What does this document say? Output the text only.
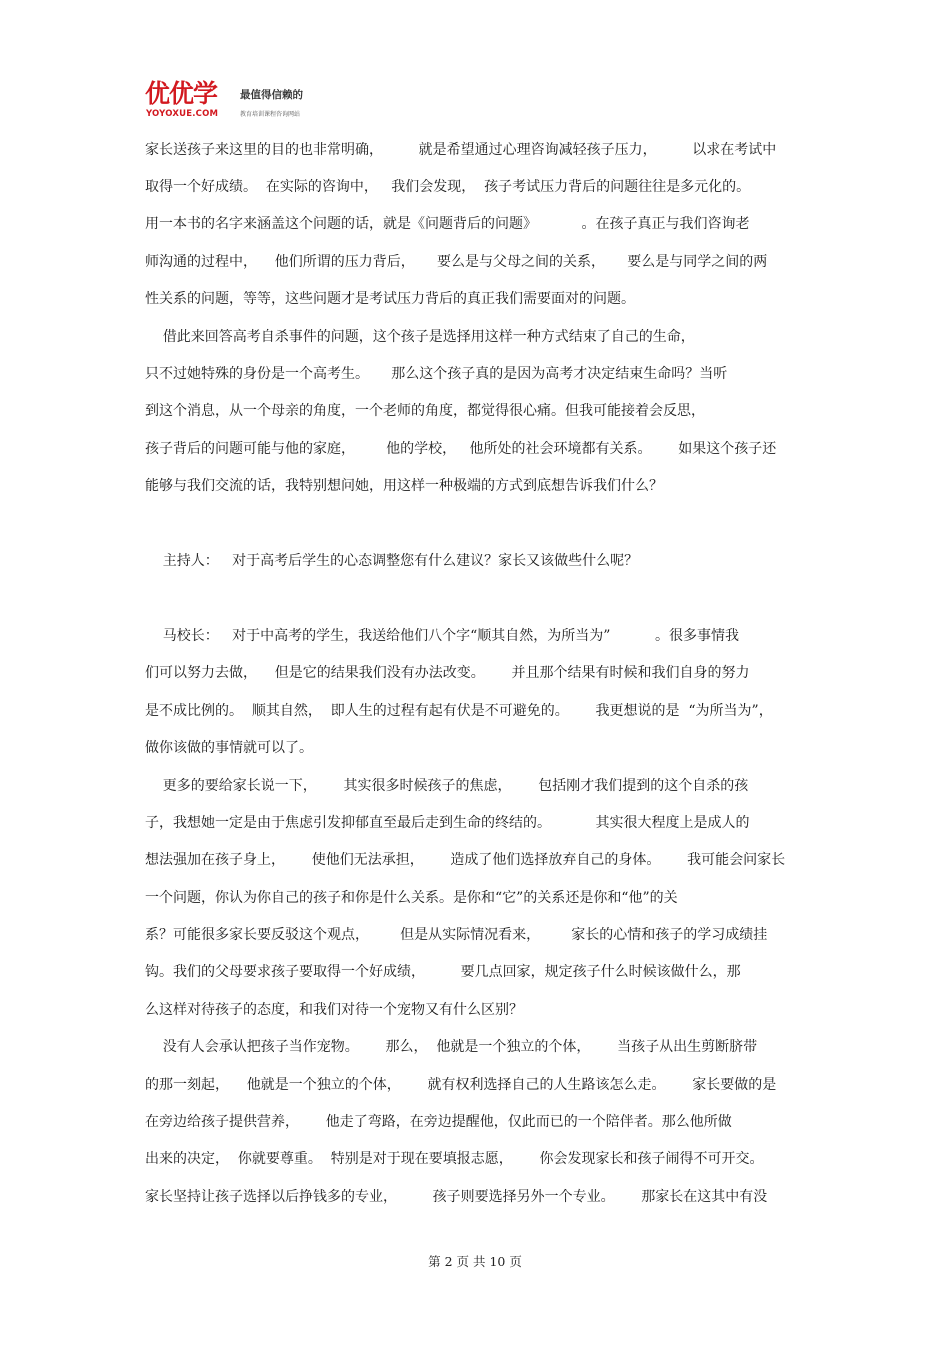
优优学
YOYOXUE.COM
最值得信赖的
教育培训课程咨询网站
家长送孩子来这里的目的也非常明确，        就是希望通过心理咨询减轻孩子压力，        以求在考试中
取得一个好成绩。  在实际的咨询中，   我们会发现，  孩子考试压力背后的问题往往是多元化的。
用一本书的名字来涵盖这个问题的话，就是《问题背后的问题》          。在孩子真正与我们咨询老
师沟通的过程中，    他们所谓的压力背后，     要么是与父母之间的关系，     要么是与同学之间的两
性关系的问题，等等，这些问题才是考试压力背后的真正我们需要面对的问题。
借此来回答高考自杀事件的问题，这个孩子是选择用这样一种方式结束了自己的生命，
只不过她特殊的身份是一个高考生。     那么这个孩子真的是因为高考才决定结束生命吗？当听
到这个消息，从一个母亲的角度，一个老师的角度，都觉得很心痛。但我可能接着会反思，
孩子背后的问题可能与他的家庭，       他的学校，   他所处的社会环境都有关系。      如果这个孩子还
能够与我们交流的话，我特别想问她，用这样一种极端的方式到底想告诉我们什么？
主持人：   对于高考后学生的心态调整您有什么建议？家长又该做些什么呢？
马校长：   对于中高考的学生，我送给他们八个字“顺其自然，为所当为”          。很多事情我
们可以努力去做，    但是它的结果我们没有办法改变。      并且那个结果有时候和我们自身的努力
是不成比例的。  顺其自然，  即人生的过程有起有伏是不可避免的。      我更想说的是  “为所当为”，
做你该做的事情就可以了。
更多的要给家长说一下，      其实很多时候孩子的焦虑，      包括刚才我们提到的这个自杀的孩
子，我想她一定是由于焦虑引发抑郁直至最后走到生命的终结的。          其实很大程度上是成人的
想法强加在孩子身上，      使他们无法承担，      造成了他们选择放弃自己的身体。      我可能会问家长
一个问题，你认为你自己的孩子和你是什么关系。是你和“它”的关系还是你和“他”的关
系？可能很多家长要反驳这个观点，       但是从实际情况看来，       家长的心情和孩子的学习成绩挂
钩。我们的父母要求孩子要取得一个好成绩，        要几点回家，规定孩子什么时候该做什么，那
么这样对待孩子的态度，和我们对待一个宠物又有什么区别？
没有人会承认把孩子当作宠物。      那么，  他就是一个独立的个体，      当孩子从出生剪断脐带
的那一刻起，    他就是一个独立的个体，      就有权利选择自己的人生路该怎么走。      家长要做的是
在旁边给孩子提供营养，      他走了弯路，在旁边提醒他，仅此而已的一个陪伴者。那么他所做
出来的决定，  你就要尊重。  特别是对于现在要填报志愿，      你会发现家长和孩子闹得不可开交。
家长坚持让孩子选择以后挣钱多的专业，        孩子则要选择另外一个专业。      那家长在这其中有没
第 2 页 共 10 页
